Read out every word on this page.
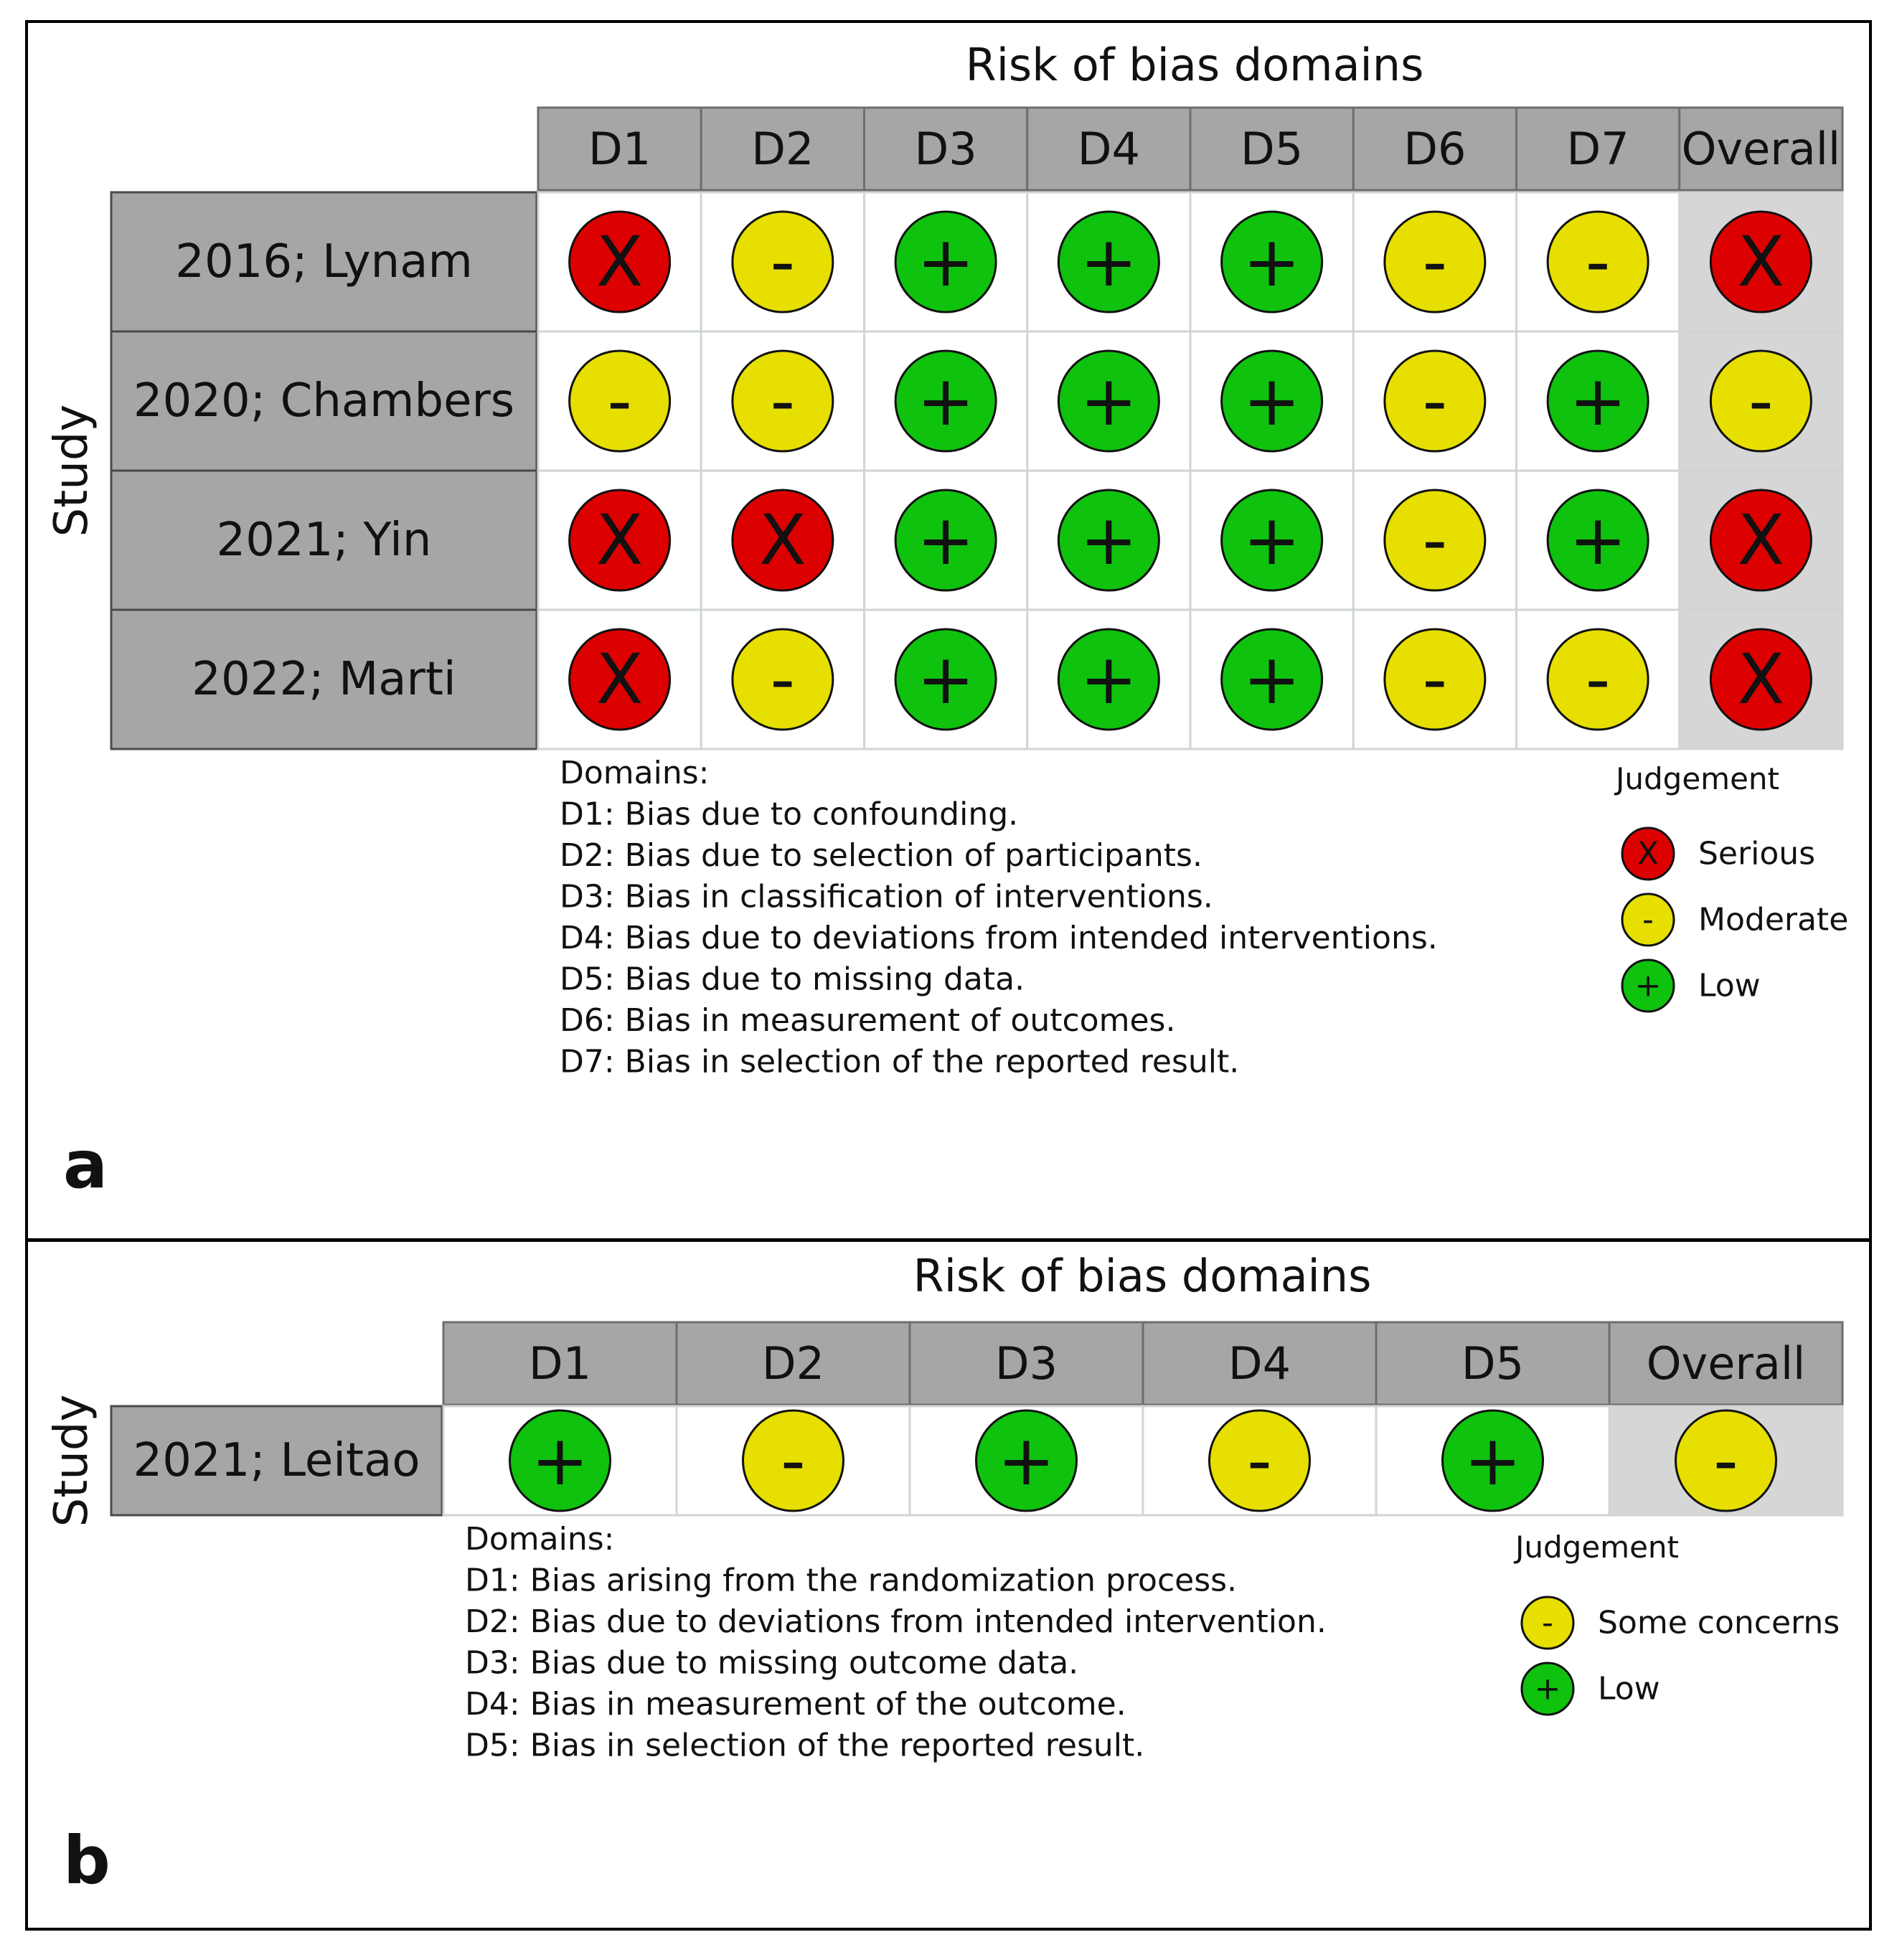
Risk of bias domains
Study
D1 D2 D3 D4 D5 D6 D7 Overall
2016; Lynam X - + + + - - X
2020; Chambers - - + + + - + -
2021; Yin X X + + + - + X
2022; Marti X - + + + - - X
Domains:
D1: Bias due to confounding.
D2: Bias due to selection of participants.
D3: Bias in classification of interventions.
D4: Bias due to deviations from intended interventions.
D5: Bias due to missing data.
D6: Bias in measurement of outcomes.
D7: Bias in selection of the reported result.
Judgement
X Serious
- Moderate
+ Low
Risk of bias domains
Study
D1	D2	D3	D4	D5	Overall
2021; Leitao +	-	+	-	+	-
Domains:
D1: Bias arising from the randomization process.
D2: Bias due to deviations from intended intervention.
D3: Bias due to missing outcome data.
D4: Bias in measurement of the outcome.
D5: Bias in selection of the reported result.
Judgement
- Some concerns
+ Low
a
b
